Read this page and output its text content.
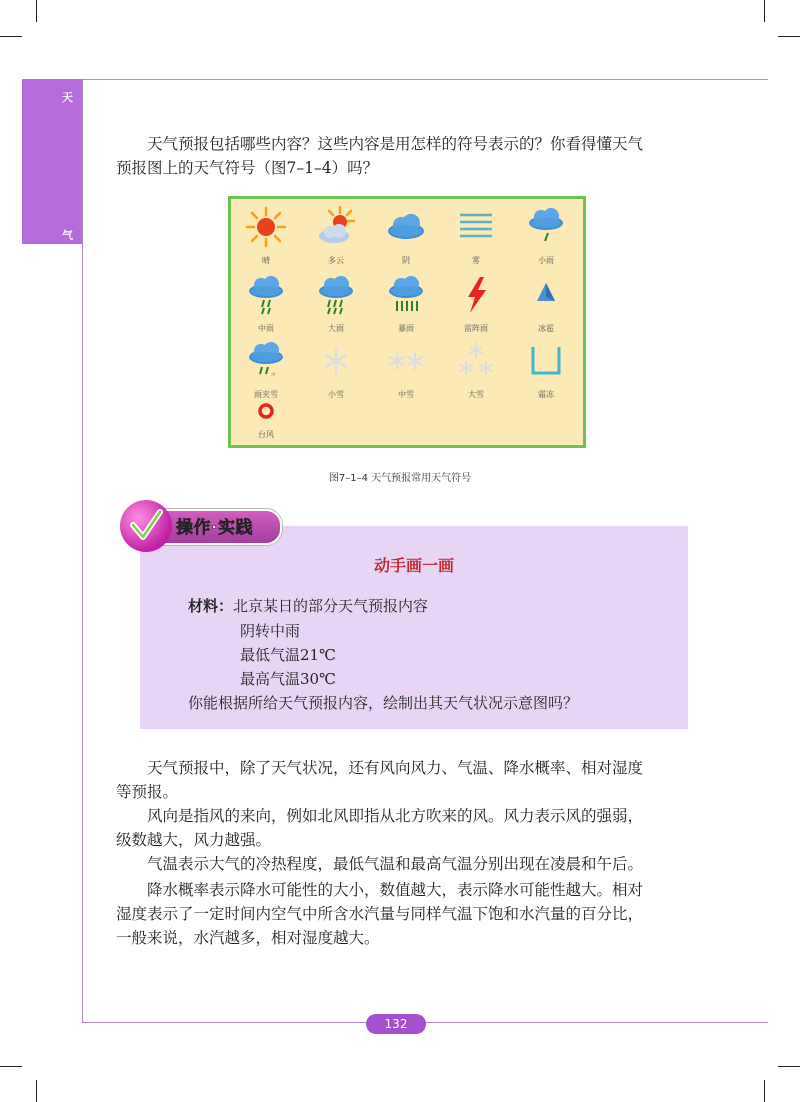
天
气

天气预报包括哪些内容？这些内容是用怎样的符号表示的？你看得懂天气
预报图上的天气符号（图7–1–4）吗？

晴	多云	阴	雾	小雨
中雨	大雨	暴雨	雷阵雨	冰雹
*
雨夹雪	小雪	中雪	大雪	霜冻
台风
图7–1–4 天气预报常用天气符号
操作·实践
动手画一画
材料：北京某日的部分天气预报内容
阴转中雨
最低气温21℃
最高气温30℃
你能根据所给天气预报内容，绘制出其天气状况示意图吗？

天气预报中，除了天气状况，还有风向风力、气温、降水概率、相对湿度
等预报。

风向是指风的来向，例如北风即指从北方吹来的风。风力表示风的强弱，
级数越大，风力越强。

气温表示大气的冷热程度，最低气温和最高气温分别出现在凌晨和午后。

降水概率表示降水可能性的大小，数值越大，表示降水可能性越大。相对
湿度表示了一定时间内空气中所含水汽量与同样气温下饱和水汽量的百分比，
一般来说，水汽越多，相对湿度越大。

132
